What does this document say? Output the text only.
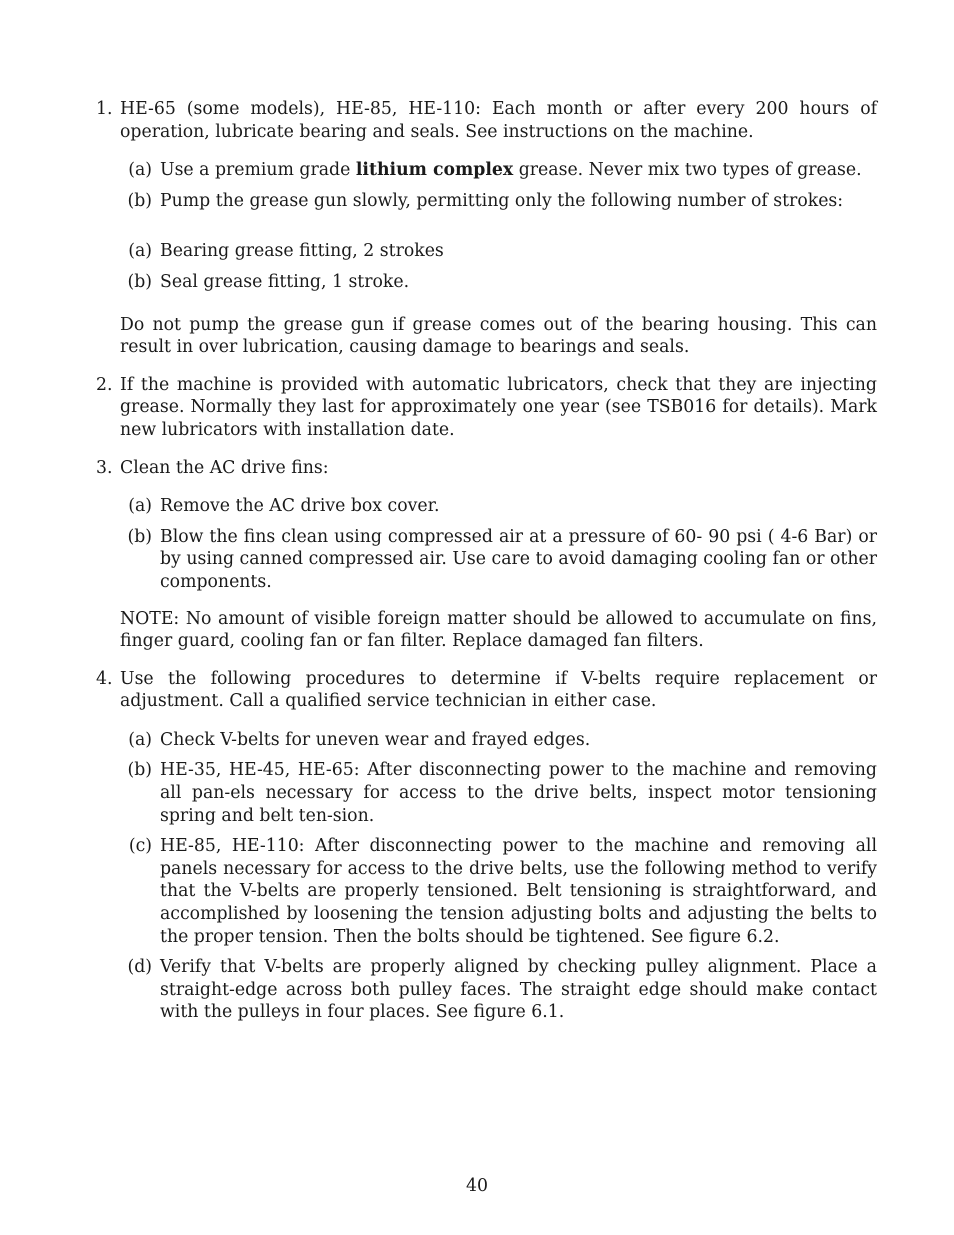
1. HE-65 (some models), HE-85, HE-110: Each month or after every 200 hours of operation, lubricate bearing and seals. See instructions on the machine.

(a) Use a premium grade lithium complex grease. Never mix two types of grease.

(b) Pump the grease gun slowly, permitting only the following number of strokes:

(a) Bearing grease fitting, 2 strokes

(b) Seal grease fitting, 1 stroke.

Do not pump the grease gun if grease comes out of the bearing housing. This can result in over lubrication, causing damage to bearings and seals.

2. If the machine is provided with automatic lubricators, check that they are injecting grease. Normally they last for approximately one year (see TSB016 for details). Mark new lubricators with installation date.

3. Clean the AC drive fins:

(a) Remove the AC drive box cover.

(b) Blow the fins clean using compressed air at a pressure of 60- 90 psi ( 4-6 Bar) or by using canned compressed air. Use care to avoid damaging cooling fan or other components.

NOTE: No amount of visible foreign matter should be allowed to accumulate on fins, finger guard, cooling fan or fan filter. Replace damaged fan filters.

4. Use the following procedures to determine if V-belts require replacement or adjustment. Call a qualified service technician in either case.

(a) Check V-belts for uneven wear and frayed edges.

(b) HE-35, HE-45, HE-65: After disconnecting power to the machine and removing all pan-els necessary for access to the drive belts, inspect motor tensioning spring and belt ten-sion.

(c) HE-85, HE-110: After disconnecting power to the machine and removing all panels necessary for access to the drive belts, use the following method to verify that the V-belts are properly tensioned. Belt tensioning is straightforward, and accomplished by loosening the tension adjusting bolts and adjusting the belts to the proper tension. Then the bolts should be tightened. See figure 6.2.

(d) Verify that V-belts are properly aligned by checking pulley alignment. Place a straight-edge across both pulley faces. The straight edge should make contact with the pulleys in four places. See figure 6.1.

40
